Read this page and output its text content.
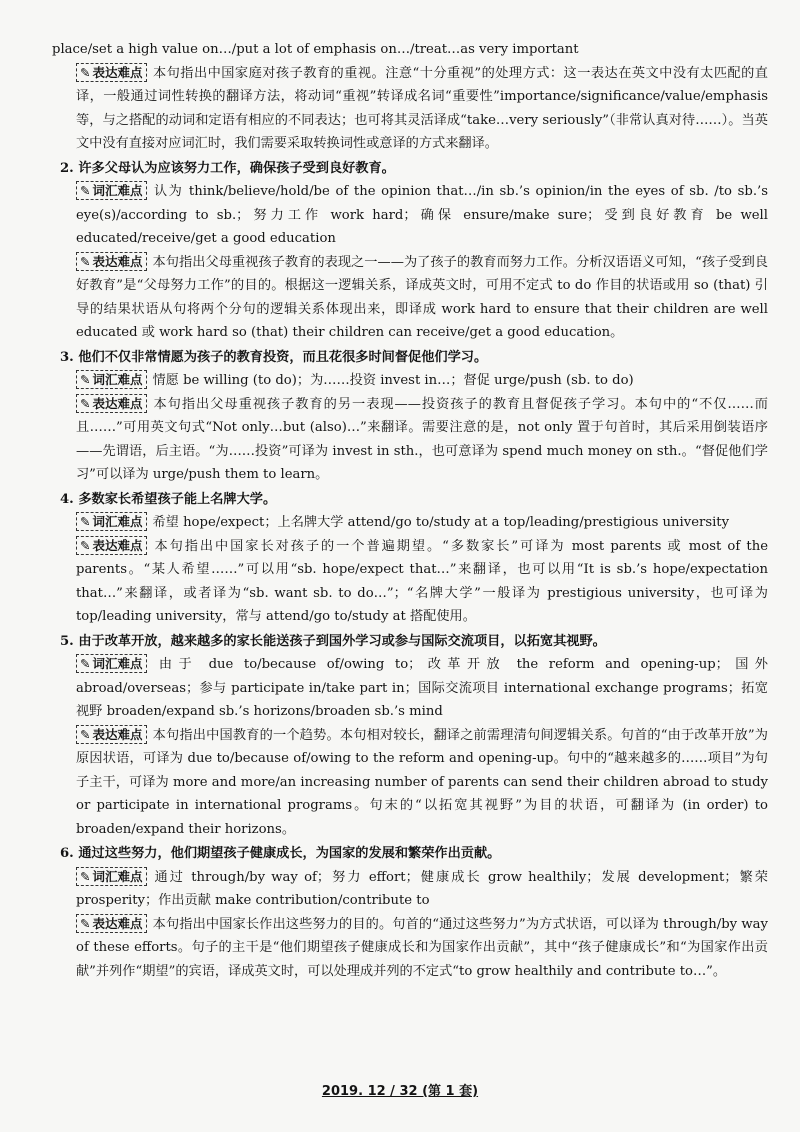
place/set a high value on…/put a lot of emphasis on…/treat…as very important

✎ 表达难点 本句指出中国家庭对孩子教育的重视。注意“十分重视”的处理方式：这一表达在英文中没有太匹配的直译，一般通过词性转换的翻译方法，将动词“重视”转译成名词“重要性”importance/significance/value/emphasis 等，与之搭配的动词和定语有相应的不同表达；也可将其灵活译成“take…very seriously”（非常认真对待……）。当英文中没有直接对应词汇时，我们需要采取转换词性或意译的方式来翻译。

2. 许多父母认为应该努力工作，确保孩子受到良好教育。

✎ 词汇难点 认为 think/believe/hold/be of the opinion that…/in sb.’s opinion/in the eyes of sb. /to sb.’s eye(s)/according to sb.；努力工作 work hard；确保 ensure/make sure；受到良好教育 be well educated/receive/get a good education

✎ 表达难点 本句指出父母重视孩子教育的表现之一——为了孩子的教育而努力工作。分析汉语语义可知，“孩子受到良好教育”是“父母努力工作”的目的。根据这一逻辑关系，译成英文时，可用不定式 to do 作目的状语或用 so (that) 引导的结果状语从句将两个分句的逻辑关系体现出来，即译成 work hard to ensure that their children are well educated 或 work hard so (that) their children can receive/get a good education。

3. 他们不仅非常情愿为孩子的教育投资，而且花很多时间督促他们学习。

✎ 词汇难点 情愿 be willing (to do)；为……投资 invest in…；督促 urge/push (sb. to do)

✎ 表达难点 本句指出父母重视孩子教育的另一表现——投资孩子的教育且督促孩子学习。本句中的“不仅……而且……”可用英文句式“Not only…but (also)…”来翻译。需要注意的是，not only 置于句首时，其后采用倒装语序——先谓语，后主语。“为……投资”可译为 invest in sth.，也可意译为 spend much money on sth.。“督促他们学习”可以译为 urge/push them to learn。

4. 多数家长希望孩子能上名牌大学。

✎ 词汇难点 希望 hope/expect；上名牌大学 attend/go to/study at a top/leading/prestigious university

✎ 表达难点 本句指出中国家长对孩子的一个普遍期望。“多数家长”可译为 most parents 或 most of the parents。“某人希望……”可以用“sb. hope/expect that…”来翻译，也可以用“It is sb.’s hope/expectation that…”来翻译，或者译为“sb. want sb. to do…”；“名牌大学”一般译为 prestigious university，也可译为 top/leading university，常与 attend/go to/study at 搭配使用。

5. 由于改革开放，越来越多的家长能送孩子到国外学习或参与国际交流项目，以拓宽其视野。

✎ 词汇难点 由于 due to/because of/owing to；改革开放 the reform and opening-up；国外 abroad/overseas；参与 participate in/take part in；国际交流项目 international exchange programs；拓宽视野 broaden/expand sb.’s horizons/broaden sb.’s mind

✎ 表达难点 本句指出中国教育的一个趋势。本句相对较长，翻译之前需理清句间逻辑关系。句首的“由于改革开放”为原因状语，可译为 due to/because of/owing to the reform and opening-up。句中的“越来越多的……项目”为句子主干，可译为 more and more/an increasing number of parents can send their children abroad to study or participate in international programs。句末的“以拓宽其视野”为目的状语，可翻译为 (in order) to broaden/expand their horizons。

6. 通过这些努力，他们期望孩子健康成长，为国家的发展和繁荣作出贡献。

✎ 词汇难点 通过 through/by way of；努力 effort；健康成长 grow healthily；发展 development；繁荣 prosperity；作出贡献 make contribution/contribute to

✎ 表达难点 本句指出中国家长作出这些努力的目的。句首的“通过这些努力”为方式状语，可以译为 through/by way of these efforts。句子的主干是“他们期望孩子健康成长和为国家作出贡献”，其中“孩子健康成长”和“为国家作出贡献”并列作“期望”的宾语，译成英文时，可以处理成并列的不定式“to grow healthily and contribute to…”。

2019. 12 / 32 (第 1 套)
